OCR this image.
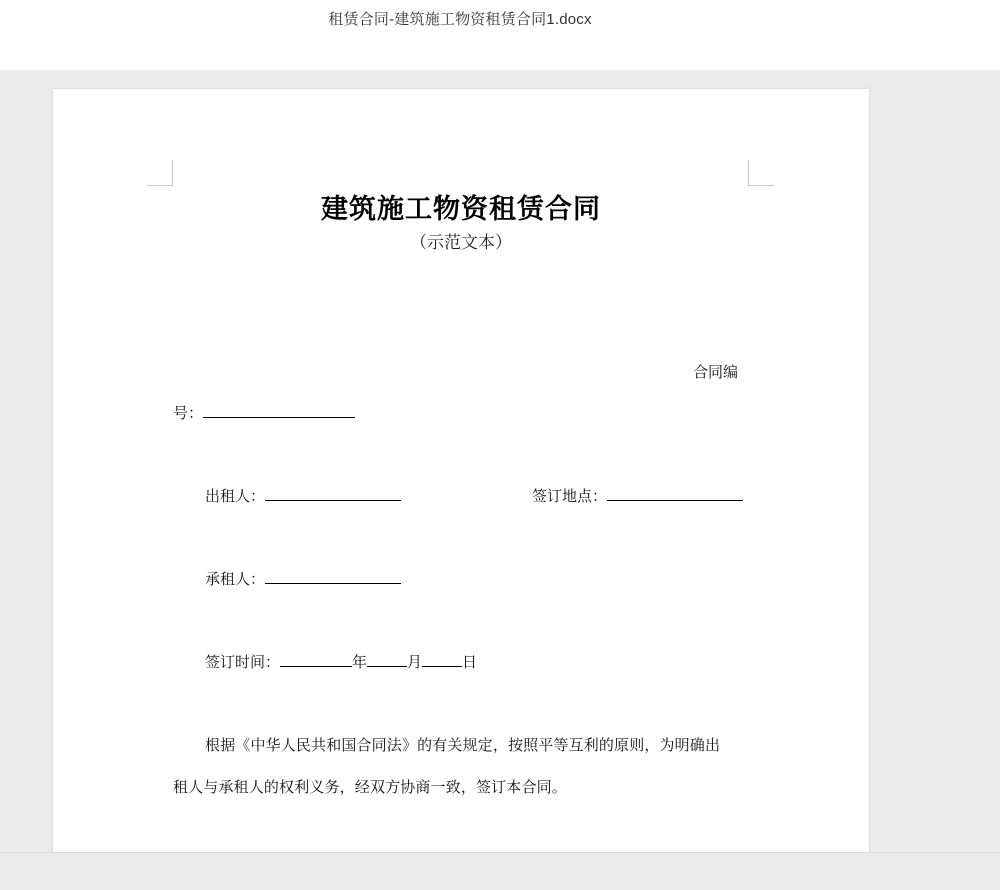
租赁合同-建筑施工物资租赁合同1.docx
建筑施工物资租赁合同
（示范文本）
合同编
号：
出租人：	签订地点：
承租人：
签订时间：	年	月	日
根据《中华人民共和国合同法》的有关规定，按照平等互利的原则，为明确出
租人与承租人的权利义务，经双方协商一致，签订本合同。
